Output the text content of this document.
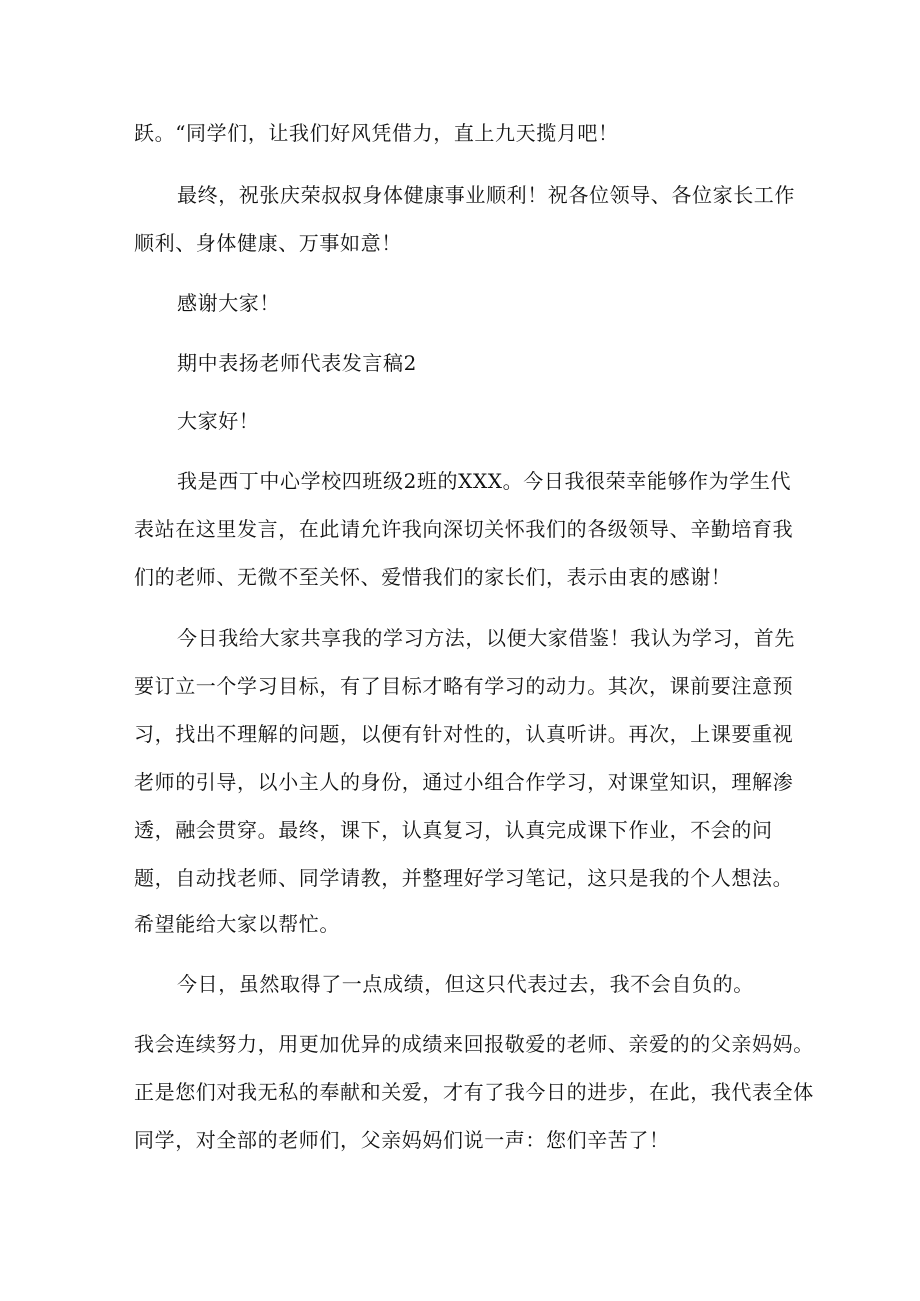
跃。“同学们，让我们好风凭借力，直上九天揽月吧！
最终，祝张庆荣叔叔身体健康事业顺利！祝各位领导、各位家长工作
顺利、身体健康、万事如意！
感谢大家！
期中表扬老师代表发言稿2
大家好！
我是西丁中心学校四班级2班的XXX。今日我很荣幸能够作为学生代
表站在这里发言，在此请允许我向深切关怀我们的各级领导、辛勤培育我
们的老师、无微不至关怀、爱惜我们的家长们，表示由衷的感谢！
今日我给大家共享我的学习方法，以便大家借鉴！我认为学习，首先
要订立一个学习目标，有了目标才略有学习的动力。其次，课前要注意预
习，找出不理解的问题，以便有针对性的，认真听讲。再次，上课要重视
老师的引导，以小主人的身份，通过小组合作学习，对课堂知识，理解渗
透，融会贯穿。最终，课下，认真复习，认真完成课下作业，不会的问
题，自动找老师、同学请教，并整理好学习笔记，这只是我的个人想法。
希望能给大家以帮忙。
今日，虽然取得了一点成绩，但这只代表过去，我不会自负的。
我会连续努力，用更加优异的成绩来回报敬爱的老师、亲爱的的父亲妈妈。
正是您们对我无私的奉献和关爱，才有了我今日的进步，在此，我代表全体
同学，对全部的老师们，父亲妈妈们说一声：您们辛苦了！
